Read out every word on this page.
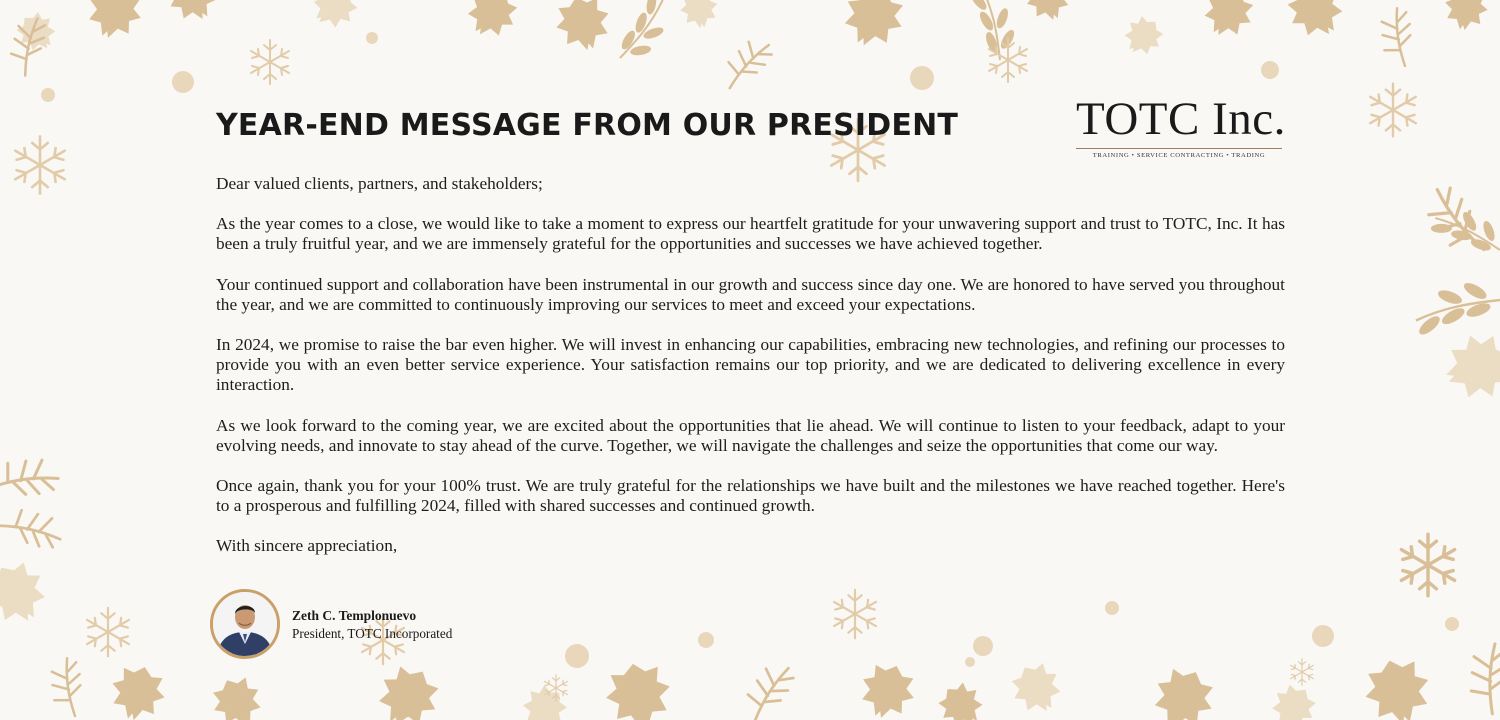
YEAR-END MESSAGE FROM OUR PRESIDENT	TOTC Inc.
TRAINING • SERVICE CONTRACTING • TRADING

Dear valued clients, partners, and stakeholders;

As the year comes to a close, we would like to take a moment to express our heartfelt gratitude for your unwavering support and trust to TOTC, Inc. It has been a truly fruitful year, and we are immensely grateful for the opportunities and successes we have achieved together.

Your continued support and collaboration have been instrumental in our growth and success since day one. We are honored to have served you throughout the year, and we are committed to continuously improving our services to meet and exceed your expectations.

In 2024, we promise to raise the bar even higher. We will invest in enhancing our capabilities, embracing new technologies, and refining our processes to provide you with an even better service experience. Your satisfaction remains our top priority, and we are dedicated to delivering excellence in every interaction.

As we look forward to the coming year, we are excited about the opportunities that lie ahead. We will continue to listen to your feedback, adapt to your evolving needs, and innovate to stay ahead of the curve. Together, we will navigate the challenges and seize the opportunities that come our way.

Once again, thank you for your 100% trust. We are truly grateful for the relationships we have built and the milestones we have reached together. Here's to a prosperous and fulfilling 2024, filled with shared successes and continued growth.

With sincere appreciation,

Zeth C. Templonuevo
President, TOTC Incorporated
